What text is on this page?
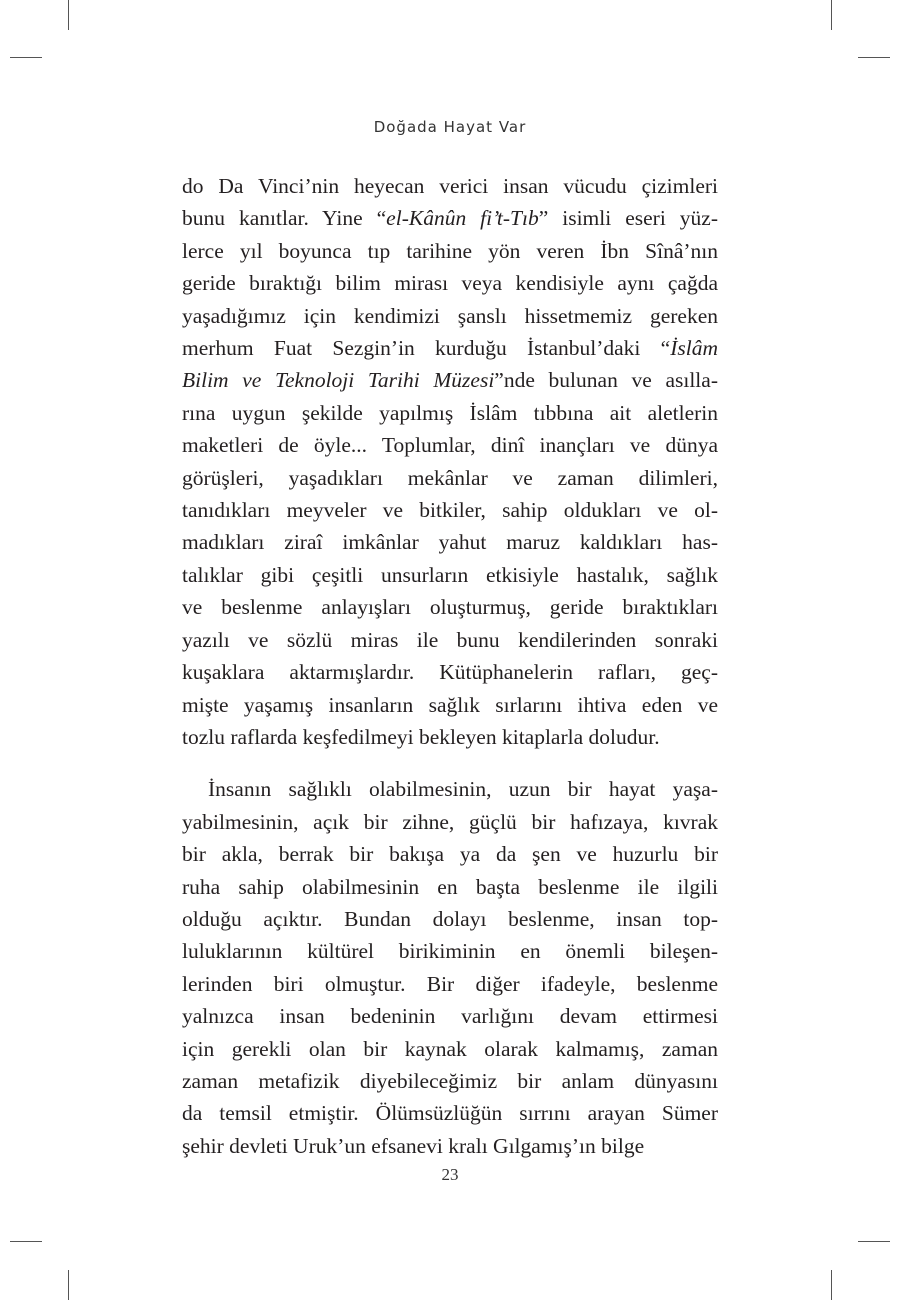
Doğada Hayat Var
do Da Vinci’nin heyecan verici insan vücudu çizimleri
bunu kanıtlar. Yine “el-Kânûn fi’t-Tıb” isimli eseri yüz-
lerce yıl boyunca tıp tarihine yön veren İbn Sînâ’nın
geride bıraktığı bilim mirası veya kendisiyle aynı çağda
yaşadığımız için kendimizi şanslı hissetmemiz gereken
merhum Fuat Sezgin’in kurduğu İstanbul’daki “İslâm
Bilim ve Teknoloji Tarihi Müzesi”nde bulunan ve asılla-
rına uygun şekilde yapılmış İslâm tıbbına ait aletlerin
maketleri de öyle... Toplumlar, dinî inançları ve dünya
görüşleri, yaşadıkları mekânlar ve zaman dilimleri,
tanıdıkları meyveler ve bitkiler, sahip oldukları ve ol-
madıkları ziraî imkânlar yahut maruz kaldıkları has-
talıklar gibi çeşitli unsurların etkisiyle hastalık, sağlık
ve beslenme anlayışları oluşturmuş, geride bıraktıkları
yazılı ve sözlü miras ile bunu kendilerinden sonraki
kuşaklara aktarmışlardır. Kütüphanelerin rafları, geç-
mişte yaşamış insanların sağlık sırlarını ihtiva eden ve
tozlu raflarda keşfedilmeyi bekleyen kitaplarla doludur.
İnsanın sağlıklı olabilmesinin, uzun bir hayat yaşa-
yabilmesinin, açık bir zihne, güçlü bir hafızaya, kıvrak
bir akla, berrak bir bakışa ya da şen ve huzurlu bir
ruha sahip olabilmesinin en başta beslenme ile ilgili
olduğu açıktır. Bundan dolayı beslenme, insan top-
luluklarının kültürel birikiminin en önemli bileşen-
lerinden biri olmuştur. Bir diğer ifadeyle, beslenme
yalnızca insan bedeninin varlığını devam ettirmesi
için gerekli olan bir kaynak olarak kalmamış, zaman
zaman metafizik diyebileceğimiz bir anlam dünyasını
da temsil etmiştir. Ölümsüzlüğün sırrını arayan Sümer
şehir devleti Uruk’un efsanevi kralı Gılgamış’ın bilge
23
